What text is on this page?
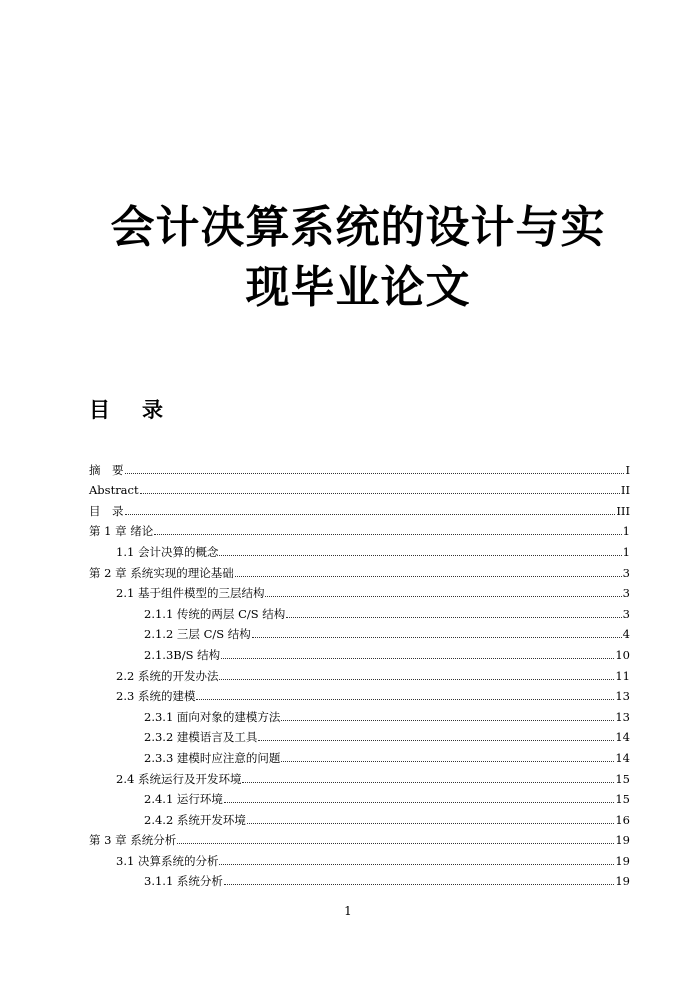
会计决算系统的设计与实
现毕业论文
目 录
摘　要	I
Abstract	II
目　录	III
第 1 章 绪论	1
1.1 会计决算的概念	1
第 2 章 系统实现的理论基础	3
2.1 基于组件模型的三层结构	3
2.1.1 传统的两层 C/S 结构	3
2.1.2 三层 C/S 结构	4
2.1.3B/S 结构	10
2.2 系统的开发办法	11
2.3 系统的建模	13
2.3.1 面向对象的建模方法	13
2.3.2 建模语言及工具	14
2.3.3 建模时应注意的问题	14
2.4 系统运行及开发环境	15
2.4.1 运行环境	15
2.4.2 系统开发环境	16
第 3 章 系统分析	19
3.1 决算系统的分析	19
3.1.1 系统分析	19
1
